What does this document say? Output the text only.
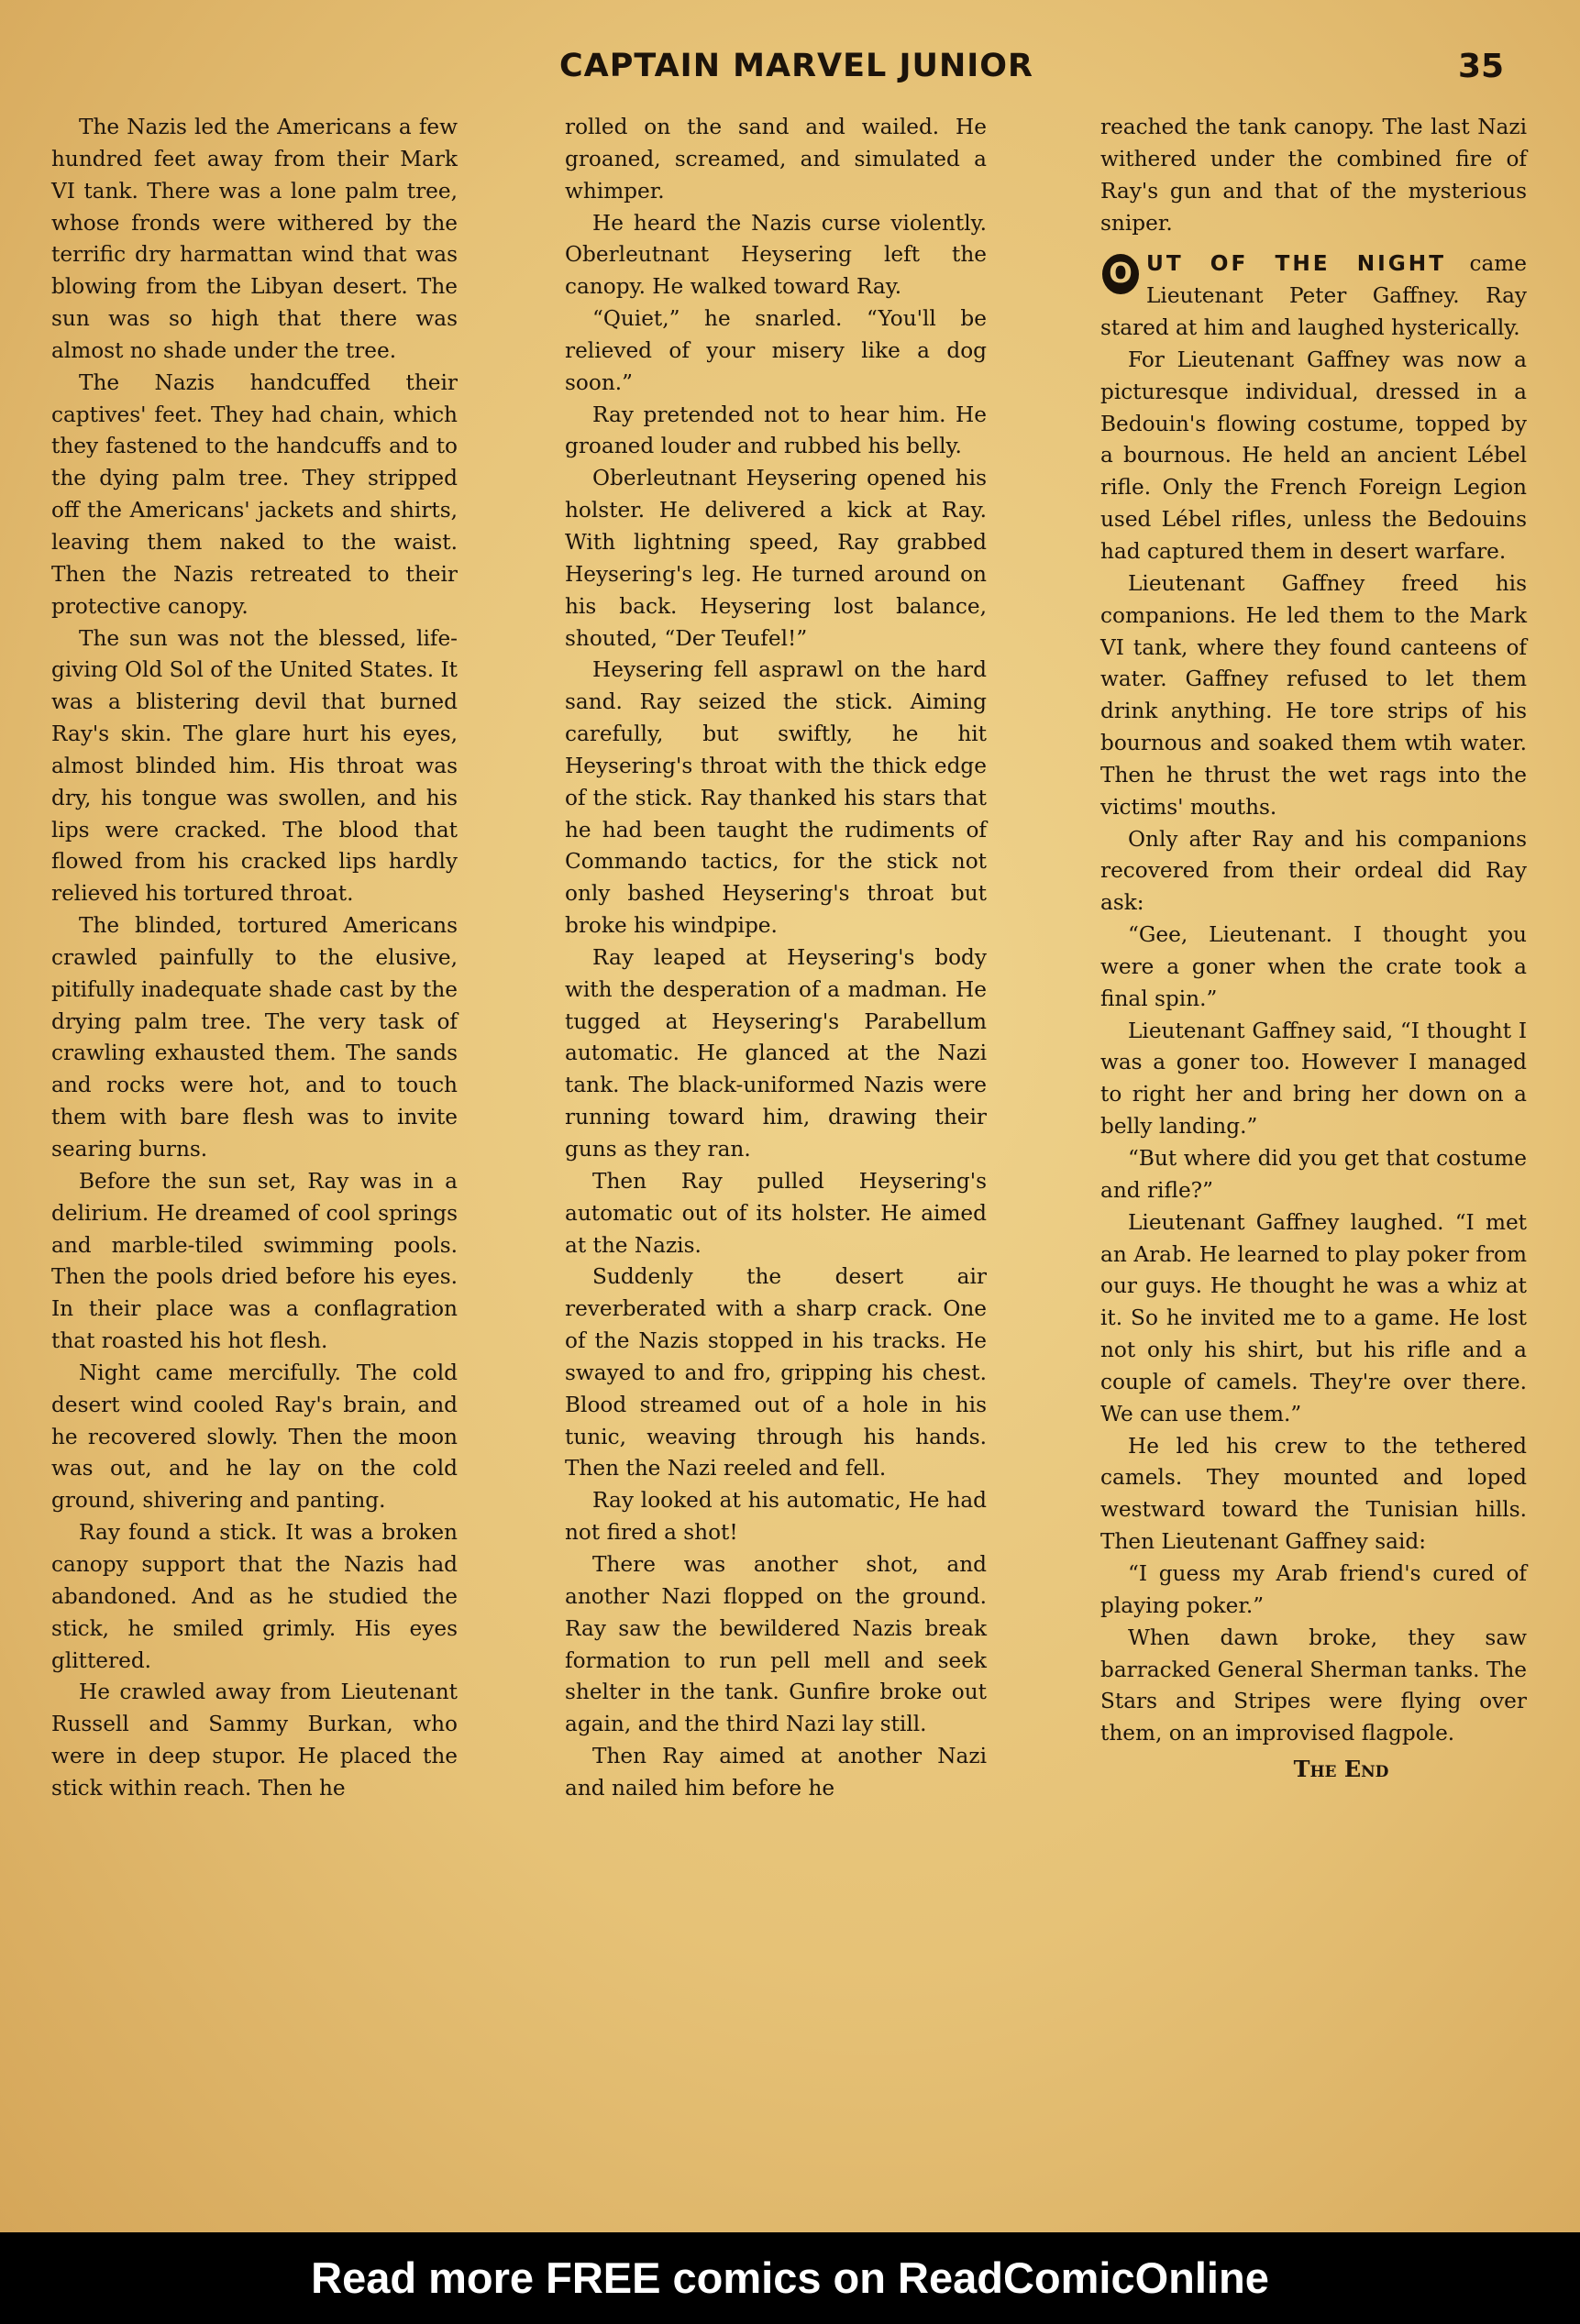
CAPTAIN MARVEL JUNIOR	35

The Nazis led the Americans a few hundred feet away from their Mark VI tank. There was a lone palm tree, whose fronds were withered by the terrific dry harmattan wind that was blowing from the Libyan desert. The sun was so high that there was almost no shade under the tree.

The Nazis handcuffed their captives' feet. They had chain, which they fastened to the handcuffs and to the dying palm tree. They stripped off the Americans' jackets and shirts, leaving them naked to the waist. Then the Nazis retreated to their protective canopy.

The sun was not the blessed, life-giving Old Sol of the United States. It was a blistering devil that burned Ray's skin. The glare hurt his eyes, almost blinded him. His throat was dry, his tongue was swollen, and his lips were cracked. The blood that flowed from his cracked lips hardly relieved his tortured throat.

The blinded, tortured Americans crawled painfully to the elusive, pitifully inadequate shade cast by the drying palm tree. The very task of crawling exhausted them. The sands and rocks were hot, and to touch them with bare flesh was to invite searing burns.

Before the sun set, Ray was in a delirium. He dreamed of cool springs and marble-tiled swimming pools. Then the pools dried before his eyes. In their place was a conflagration that roasted his hot flesh.

Night came mercifully. The cold desert wind cooled Ray's brain, and he recovered slowly. Then the moon was out, and he lay on the cold ground, shivering and panting.

Ray found a stick. It was a broken canopy support that the Nazis had abandoned. And as he studied the stick, he smiled grimly. His eyes glittered.

He crawled away from Lieutenant Russell and Sammy Burkan, who were in deep stupor. He placed the stick within reach. Then he

rolled on the sand and wailed. He groaned, screamed, and simulated a whimper.

He heard the Nazis curse violently. Oberleutnant Heysering left the canopy. He walked toward Ray.

“Quiet,” he snarled. “You'll be relieved of your misery like a dog soon.”

Ray pretended not to hear him. He groaned louder and rubbed his belly.

Oberleutnant Heysering opened his holster. He delivered a kick at Ray. With lightning speed, Ray grabbed Heysering's leg. He turned around on his back. Heysering lost balance, shouted, “Der Teufel!”

Heysering fell asprawl on the hard sand. Ray seized the stick. Aiming carefully, but swiftly, he hit Heysering's throat with the thick edge of the stick. Ray thanked his stars that he had been taught the rudiments of Commando tactics, for the stick not only bashed Heysering's throat but broke his windpipe.

Ray leaped at Heysering's body with the desperation of a madman. He tugged at Heysering's Parabellum automatic. He glanced at the Nazi tank. The black-uniformed Nazis were running toward him, drawing their guns as they ran.

Then Ray pulled Heysering's automatic out of its holster. He aimed at the Nazis.

Suddenly the desert air reverberated with a sharp crack. One of the Nazis stopped in his tracks. He swayed to and fro, gripping his chest. Blood streamed out of a hole in his tunic, weaving through his hands. Then the Nazi reeled and fell.

Ray looked at his automatic, He had not fired a shot!

There was another shot, and another Nazi flopped on the ground. Ray saw the bewildered Nazis break formation to run pell mell and seek shelter in the tank. Gunfire broke out again, and the third Nazi lay still.

Then Ray aimed at another Nazi and nailed him before he

reached the tank canopy. The last Nazi withered under the combined fire of Ray's gun and that of the mysterious sniper.

O UT OF THE NIGHT came Lieutenant Peter Gaffney. Ray stared at him and laughed hysterically.

For Lieutenant Gaffney was now a picturesque individual, dressed in a Bedouin's flowing costume, topped by a bournous. He held an ancient Lébel rifle. Only the French Foreign Legion used Lébel rifles, unless the Bedouins had captured them in desert warfare.

Lieutenant Gaffney freed his companions. He led them to the Mark VI tank, where they found canteens of water. Gaffney refused to let them drink anything. He tore strips of his bournous and soaked them wtih water. Then he thrust the wet rags into the victims' mouths.

Only after Ray and his companions recovered from their ordeal did Ray ask:

“Gee, Lieutenant. I thought you were a goner when the crate took a final spin.”

Lieutenant Gaffney said, “I thought I was a goner too. However I managed to right her and bring her down on a belly landing.”

“But where did you get that costume and rifle?”

Lieutenant Gaffney laughed. “I met an Arab. He learned to play poker from our guys. He thought he was a whiz at it. So he invited me to a game. He lost not only his shirt, but his rifle and a couple of camels. They're over there. We can use them.”

He led his crew to the tethered camels. They mounted and loped westward toward the Tunisian hills. Then Lieutenant Gaffney said:

“I guess my Arab friend's cured of playing poker.”

When dawn broke, they saw barracked General Sherman tanks. The Stars and Stripes were flying over them, on an improvised flagpole.

The End
Read more FREE comics on ReadComicOnline
